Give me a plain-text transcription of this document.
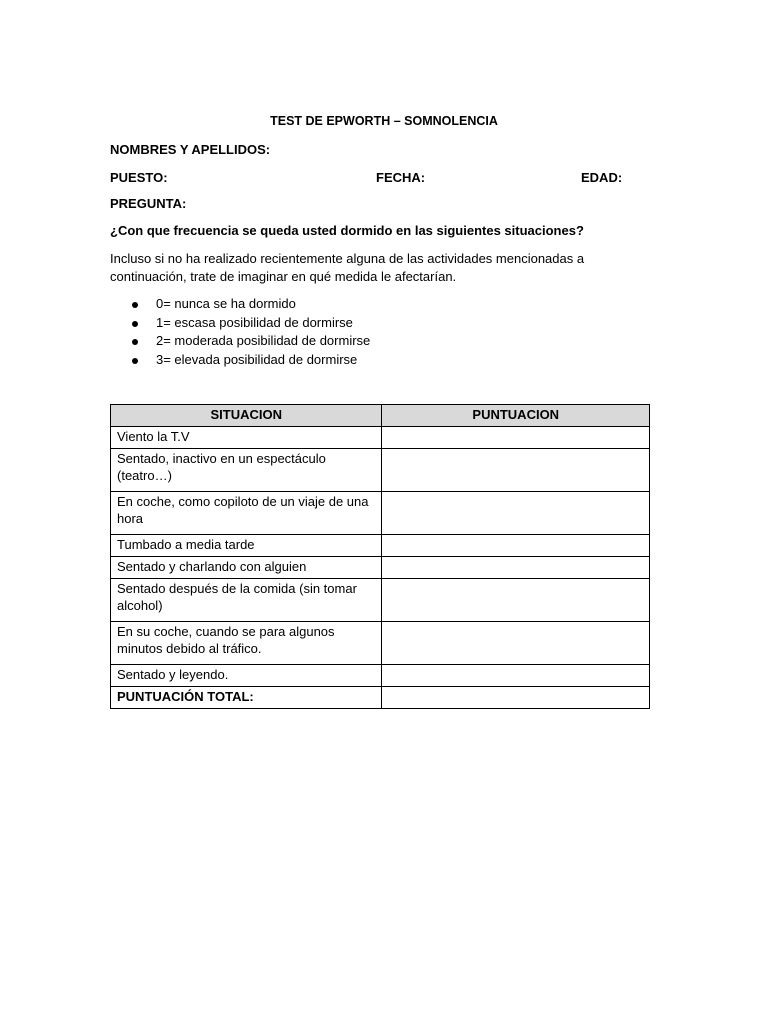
TEST DE EPWORTH – SOMNOLENCIA
NOMBRES Y APELLIDOS:
PUESTO:	FECHA:	EDAD:
PREGUNTA:
¿Con que frecuencia se queda usted dormido en las siguientes situaciones?
Incluso si no ha realizado recientemente alguna de las actividades mencionadas a
continuación, trate de imaginar en qué medida le afectarían.
0= nunca se ha dormido
1= escasa posibilidad de dormirse
2= moderada posibilidad de dormirse
3= elevada posibilidad de dormirse
SITUACION	PUNTUACION
Viento la T.V	

Sentado, inactivo en un espectáculo
(teatro…)	

En coche, como copiloto de un viaje de una
hora	

Tumbado a media tarde	
Sentado y charlando con alguien	

Sentado después de la comida (sin tomar
alcohol)	

En su coche, cuando se para algunos
minutos debido al tráfico.	

Sentado y leyendo.	
PUNTUACIÓN TOTAL:	
